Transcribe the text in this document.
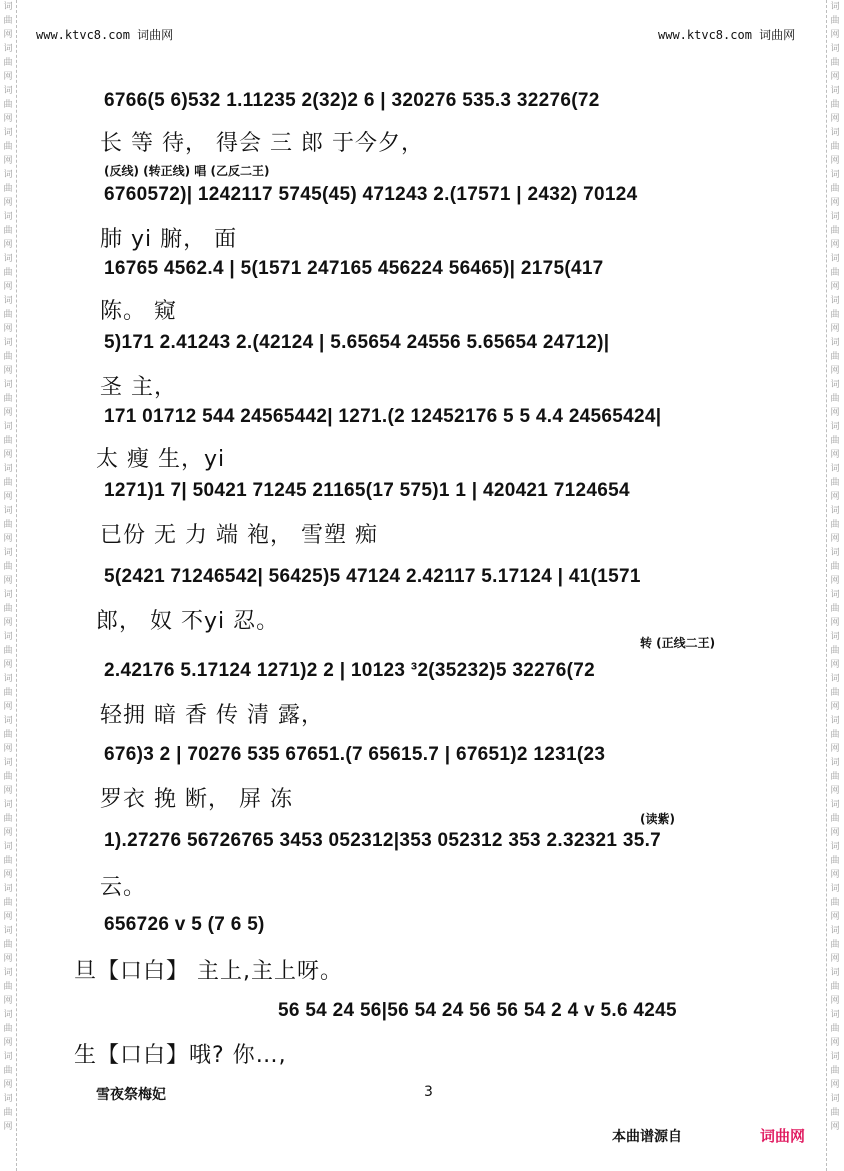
词
曲
网
词
曲
网
词
曲
网
词
曲
网
词
曲
网
词
曲
网
词
曲
网
词
曲
网
词
曲
网
词
曲
网
词
曲
网
词
曲
网
词
曲
网
词
曲
网
词
曲
网
词
曲
网
词
曲
网
词
曲
网
词
曲
网
词
曲
网
词
曲
网
词
曲
网
词
曲
网
词
曲
网
词
曲
网
词
曲
网
词
曲
网
词
曲
网
词
曲
网
词
曲
网
词
曲
网
词
曲
网
词
曲
网
词
曲
网
词
曲
网
词
曲
网
词
曲
网
词
曲
网
词
曲
网
词
曲
网
词
曲
网
词
曲
网
词
曲
网
词
曲
网
词
曲
网
词
曲
网
词
曲
网
词
曲
网
词
曲
网
词
曲
网
词
曲
网
词
曲
网
词
曲
网
词
曲
网
www.ktvc8.com 词曲网	www.ktvc8.com 词曲网
6766(5 6)532 1.11235 2(32)2 6 | 320276 535.3 32276(72
长 等 待， 得会 三 郎 于今夕，
(反线) (转正线) 唱 (乙反二王)
6760572)| 1242117 5745(45) 471243 2.(17571 | 2432) 70124
肺 yi 腑， 面
16765 4562.4 | 5(1571 247165 456224 56465)| 2175(417
陈。 窥
5)171 2.41243 2.(42124 | 5.65654 24556 5.65654 24712)|
圣 主，
171 01712 544 24565442| 1271.(2 12452176 5 5 4.4 24565424|
太 瘦 生，yi
1271)1 7| 50421 71245 21165(17 575)1 1 | 420421 7124654
已份 无 力 端 袍， 雪塑 痴
5(2421 71246542| 56425)5 47124 2.42117 5.17124 | 41(1571
郎， 奴 不yi 忍。
转 (正线二王)
2.42176 5.17124 1271)2 2 | 10123 ³2(35232)5 32276(72
轻拥 暗 香 传 清 露，
676)3 2 | 70276 535 67651.(7 65615.7 | 67651)2 1231(23
罗衣 挽 断， 屏 冻
(读紫)
1).27276 56726765 3453 052312|353 052312 353 2.32321 35.7
云。
656726 v 5 (7 6 5)
旦【口白】 主上,主上呀。
56 54 24 56|56 54 24 56 56 54 2 4 v 5.6 4245
生【口白】哦? 你…,
雪夜祭梅妃	3
本曲谱源自	词曲网
